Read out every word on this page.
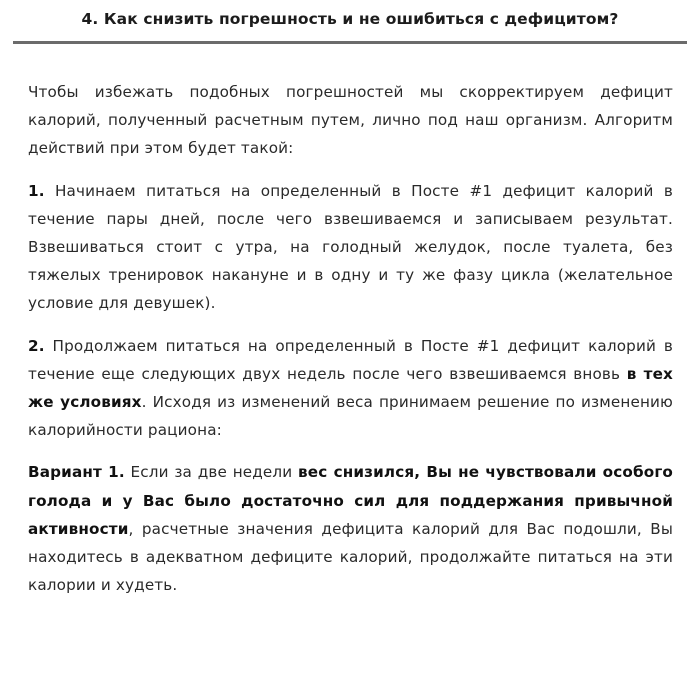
4. Как снизить погрешность и не ошибиться с дефицитом?

Чтобы избежать подобных погрешностей мы скорректируем дефицит калорий, полученный расчетным путем, лично под наш организм. Алгоритм действий при этом будет такой:

1. Начинаем питаться на определенный в Посте #1 дефицит калорий в течение пары дней, после чего взвешиваемся и записываем результат. Взвешиваться стоит с утра, на голодный желудок, после туалета, без тяжелых тренировок накануне и в одну и ту же фазу цикла (желательное условие для девушек).

2. Продолжаем питаться на определенный в Посте #1 дефицит калорий в течение еще следующих двух недель после чего взвешиваемся вновь в тех же условиях. Исходя из изменений веса принимаем решение по изменению калорийности рациона:

Вариант 1. Если за две недели вес снизился, Вы не чувствовали особого голода и у Вас было достаточно сил для поддержания привычной активности, расчетные значения дефицита калорий для Вас подошли, Вы находитесь в адекватном дефиците калорий, продолжайте питаться на эти калории и худеть.
